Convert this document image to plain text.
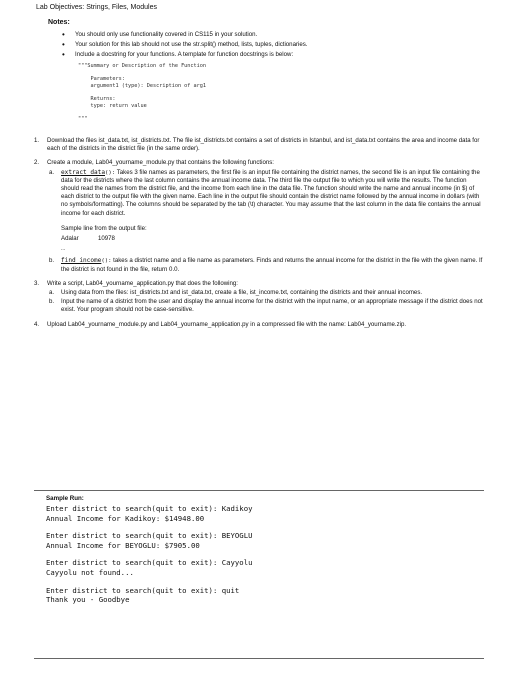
Lab Objectives: Strings, Files, Modules
Notes:
• You should only use functionality covered in CS115 in your solution.
• Your solution for this lab should not use the str.split() method, lists, tuples, dictionaries.
• Include a docstring for your functions. A template for function docstrings is below:
"""Summary or Description of the Function

Parameters:
argument1 (type): Description of arg1

Returns:
type: return value

"""
1. Download the files ist_data.txt, ist_districts.txt. The file ist_districts.txt contains a set of districts in Istanbul, and ist_data.txt contains the area and income data for each of the districts in the district file (in the same order).
2. Create a module, Lab04_yourname_module.py that contains the following functions:
a. extract_data(): Takes 3 file names as parameters, the first file is an input file containing the district names, the second file is an input file containing the data for the districts where the last column contains the annual income data. The third file the output file to which you will write the results. The function should read the names from the district file, and the income from each line in the data file. The function should write the name and annual income (in $) of each district to the output file with the given name. Each line in the output file should contain the district name followed by the annual income in dollars (with no symbols/formatting). The columns should be separated by the tab (\t) character. You may assume that the last column in the data file contains the annual income for each district.
Sample line from the output file:
Adalar	10978
...
b. find_income(): takes a district name and a file name as parameters. Finds and returns the annual income for the district in the file with the given name. If the district is not found in the file, return 0.0.
3. Write a script, Lab04_yourname_application.py that does the following:
a. Using data from the files: ist_districts.txt and ist_data.txt, create a file, ist_income.txt, containing the districts and their annual incomes.
b. Input the name of a district from the user and display the annual income for the district with the input name, or an appropriate message if the district does not exist. Your program should not be case-sensitive.
4. Upload Lab04_yourname_module.py and Lab04_yourname_application.py in a compressed file with the name: Lab04_yourname.zip.
Sample Run:
Enter district to search(quit to exit): Kadikoy
Annual Income for Kadikoy: $14948.00
Enter district to search(quit to exit): BEYOGLU
Annual Income for BEYOGLU: $7905.00
Enter district to search(quit to exit): Cayyolu
Cayyolu not found...
Enter district to search(quit to exit): quit
Thank you - Goodbye
